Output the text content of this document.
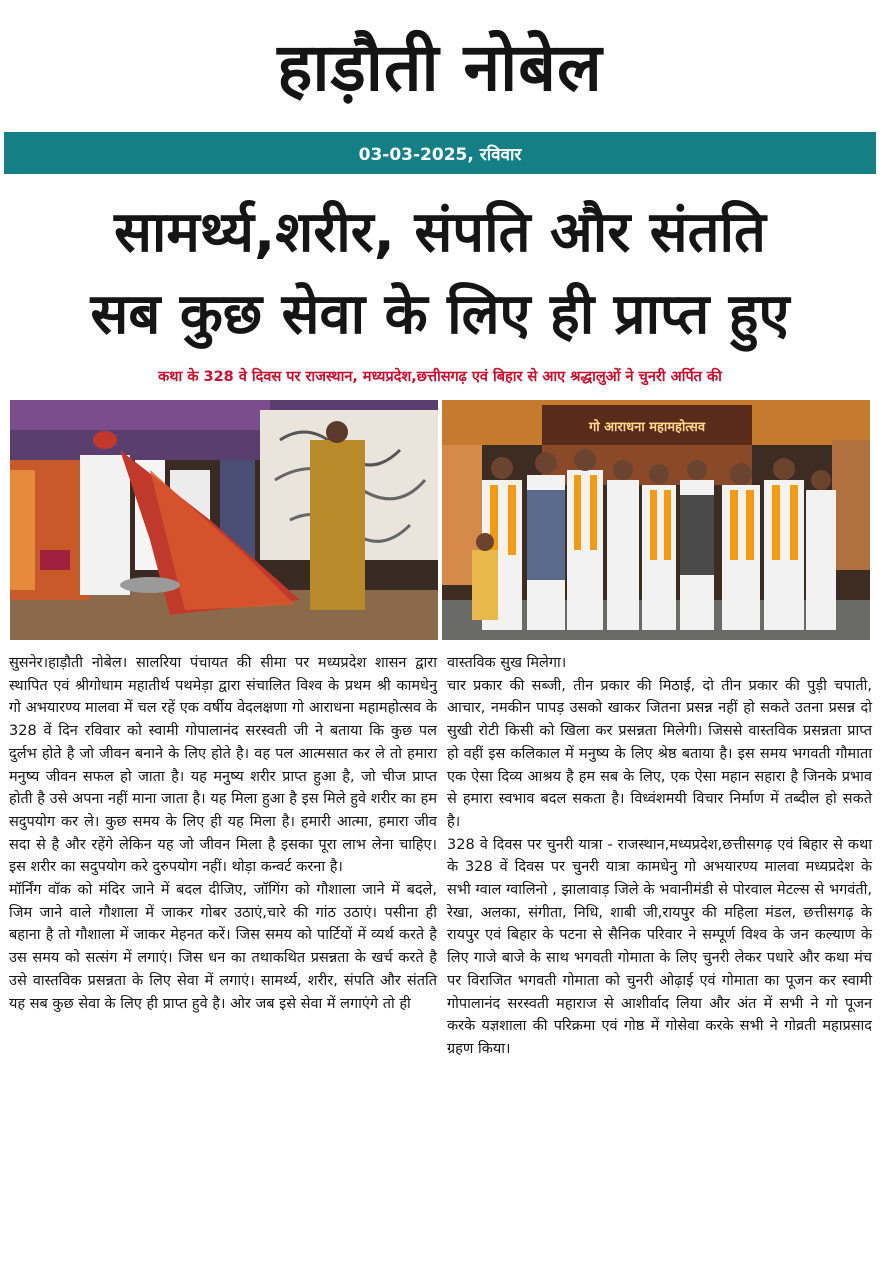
हाड़ौती नोबेल
03-03-2025, रविवार
सामर्थ्य,शरीर, संपति और संतति
सब कुछ सेवा के लिए ही प्राप्त हुए
कथा के 328 वे दिवस पर राजस्थान, मध्यप्रदेश,छत्तीसगढ़ एवं बिहार से आए श्रद्धालुओं ने चुनरी अर्पित की
गो आराधना महामहोत्सव

सुसनेर।हाड़ौती नोबेल। सालरिया पंचायत की सीमा पर मध्यप्रदेश शासन द्वारा स्थापित एवं श्रीगोधाम महातीर्थ पथमेड़ा द्वारा संचालित विश्व के प्रथम श्री कामधेनु गो अभयारण्य मालवा में चल रहें एक वर्षीय वेदलक्षणा गो आराधना महामहोत्सव के 328 वें दिन रविवार को स्वामी गोपालानंद सरस्वती जी ने बताया कि कुछ पल दुर्लभ होते है जो जीवन बनाने के लिए होते है। वह पल आत्मसात कर ले तो हमारा मनुष्य जीवन सफल हो जाता है। यह मनुष्य शरीर प्राप्त हुआ है, जो चीज प्राप्त होती है उसे अपना नहीं माना जाता है। यह मिला हुआ है इस मिले हुवे शरीर का हम सदुपयोग कर ले। कुछ समय के लिए ही यह मिला है। हमारी आत्मा, हमारा जीव सदा से है और रहेंगे लेकिन यह जो जीवन मिला है इसका पूरा लाभ लेना चाहिए। इस शरीर का सदुपयोग करे दुरुपयोग नहीं। थोड़ा कन्वर्ट करना है।

मॉर्निंग वॉक को मंदिर जाने में बदल दीजिए, जॉगिंग को गौशाला जाने में बदले, जिम जाने वाले गौशाला में जाकर गोबर उठाएं,चारे की गांठ उठाएं। पसीना ही बहाना है तो गौशाला में जाकर मेहनत करें। जिस समय को पार्टियों में व्यर्थ करते है उस समय को सत्संग में लगाएं। जिस धन का तथाकथित प्रसन्नता के खर्च करते है उसे वास्तविक प्रसन्नता के लिए सेवा में लगाएं। सामर्थ्य, शरीर, संपति और संतति यह सब कुछ सेवा के लिए ही प्राप्त हुवे है। ओर जब इसे सेवा में लगाएंगे तो ही

वास्तविक सुख मिलेगा।

चार प्रकार की सब्जी, तीन प्रकार की मिठाई, दो तीन प्रकार की पुड़ी चपाती, आचार, नमकीन पापड़ उसको खाकर जितना प्रसन्न नहीं हो सकते उतना प्रसन्न दो सुखी रोटी किसी को खिला कर प्रसन्नता मिलेगी। जिससे वास्तविक प्रसन्नता प्राप्त हो वहीं इस कलिकाल में मनुष्य के लिए श्रेष्ठ बताया है। इस समय भगवती गौमाता एक ऐसा दिव्य आश्रय है हम सब के लिए, एक ऐसा महान सहारा है जिनके प्रभाव से हमारा स्वभाव बदल सकता है। विध्वंशमयी विचार निर्माण में तब्दील हो सकते है।

328 वे दिवस पर चुनरी यात्रा - राजस्थान,मध्यप्रदेश,छत्तीसगढ़ एवं बिहार से कथा के 328 वें दिवस पर चुनरी यात्रा कामधेनु गो अभयारण्य मालवा मध्यप्रदेश के सभी ग्वाल ग्वालिनो , झालावाड़ जिले के भवानीमंडी से पोरवाल मेटल्स से भगवंती, रेखा, अलका, संगीता, निधि, शाबी जी,रायपुर की महिला मंडल, छत्तीसगढ़ के रायपुर एवं बिहार के पटना से सैनिक परिवार ने सम्पूर्ण विश्व के जन कल्याण के लिए गाजे बाजे के साथ भगवती गोमाता के लिए चुनरी लेकर पधारे और कथा मंच पर विराजित भगवती गोमाता को चुनरी ओढ़ाई एवं गोमाता का पूजन कर स्वामी गोपालानंद सरस्वती महाराज से आशीर्वाद लिया और अंत में सभी ने गो पूजन करके यज्ञशाला की परिक्रमा एवं गोष्ठ में गोसेवा करके सभी ने गोव्रती महाप्रसाद ग्रहण किया।
